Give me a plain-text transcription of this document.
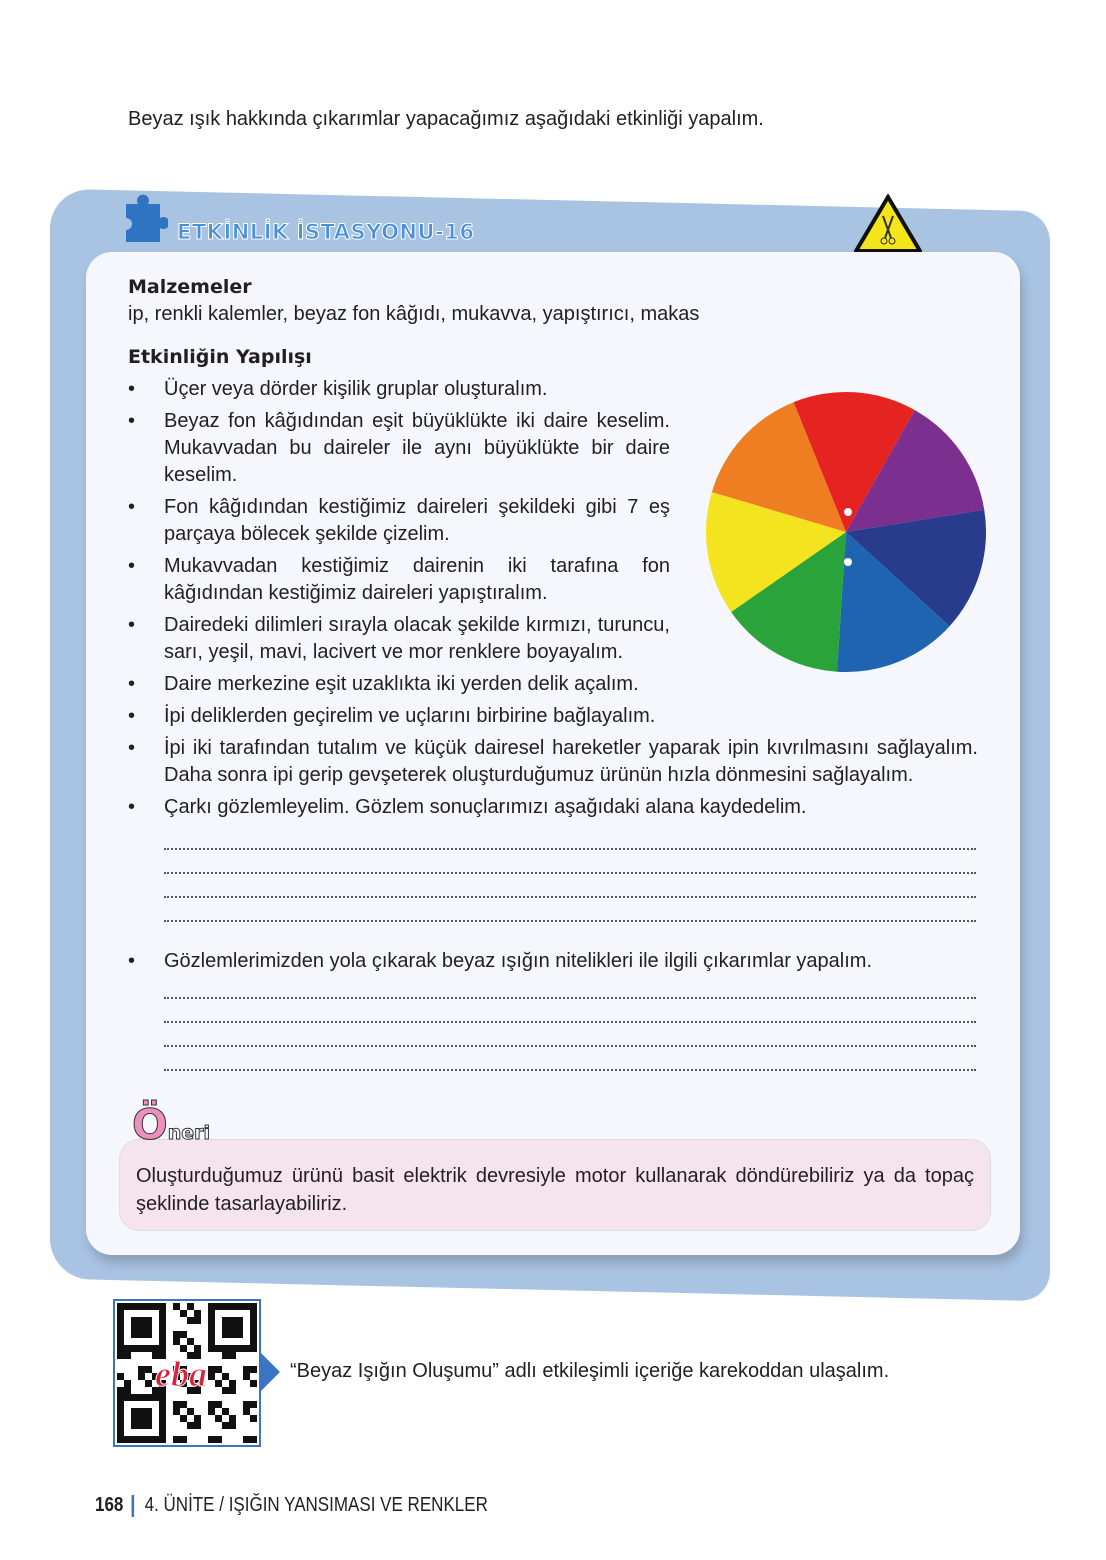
Beyaz ışık hakkında çıkarımlar yapacağımız aşağıdaki etkinliği yapalım.
ETKİNLİK İSTASYONU-16
Malzemeler
ip, renkli kalemler, beyaz fon kâğıdı, mukavva, yapıştırıcı, makas
Etkinliğin Yapılışı
• Üçer veya dörder kişilik gruplar oluşturalım.
• Beyaz fon kâğıdından eşit büyüklükte iki daire keselim. Mukavvadan bu daireler ile aynı büyüklükte bir daire keselim.
• Fon kâğıdından kestiğimiz daireleri şekildeki gibi 7 eş parçaya bölecek şekilde çizelim.
• Mukavvadan kestiğimiz dairenin iki tarafına fon kâğıdından kestiğimiz daireleri yapıştıralım.
• Dairedeki dilimleri sırayla olacak şekilde kırmızı, turuncu, sarı, yeşil, mavi, lacivert ve mor renklere boyayalım.
• Daire merkezine eşit uzaklıkta iki yerden delik açalım.
• İpi deliklerden geçirelim ve uçlarını birbirine bağlayalım.
• İpi iki tarafından tutalım ve küçük dairesel hareketler yaparak ipin kıvrılmasını sağlayalım. Daha sonra ipi gerip gevşeterek oluşturduğumuz ürünün hızla dönmesini sağlayalım.
• Çarkı gözlemleyelim. Gözlem sonuçlarımızı aşağıdaki alana kaydedelim.
• Gözlemlerimizden yola çıkarak beyaz ışığın nitelikleri ile ilgili çıkarımlar yapalım.

Oluşturduğumuz ürünü basit elektrik devresiyle motor kullanarak döndürebiliriz ya da topaç şeklinde tasarlayabiliriz.

Öneri
eba	“Beyaz Işığın Oluşumu” adlı etkileşimli içeriğe karekoddan ulaşalım.
168 4. ÜNİTE / IŞIĞIN YANSIMASI VE RENKLER
